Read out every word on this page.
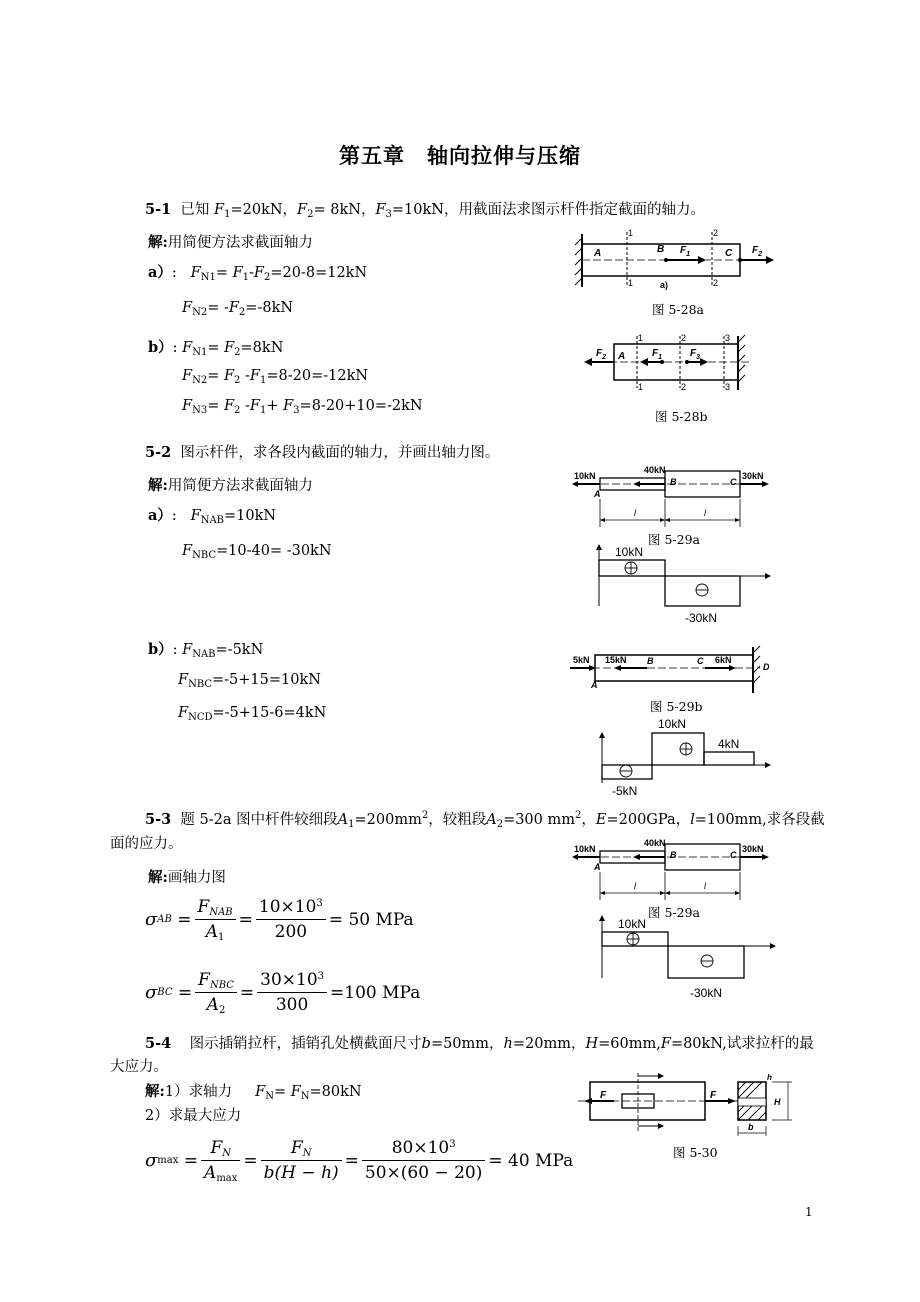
第五章　轴向拉伸与压缩
5-1 已知 $F_1=20kN$，$F_2= 8kN$，$F_3=10kN$，用截面法求图示杆件指定截面的轴力。
解:用简便方法求截面轴力
a）:   $F_{N1}= F_1-F_2=20-8=12kN$
$F_{N2}= -F_2=-8kN$
b）: $F_{N1}= F_2=8kN$
$F_{N2}= F_2$ $-F_1=8-20=-12kN$
$F_{N3}= F_2$ $-F_1+ F_3=8-20+10=-2kN$
1
1
2
2
A	B	C
$F_1$	$F_2$
a)
图 5-28a
1
1
2
2
3
3
$F_2$ A	$F_1$	$F_3$
图 5-28b
5-2 图示杆件，求各段内截面的轴力，并画出轴力图。
解:用简便方法求截面轴力
a）:   $F_{NAB}=10kN$
$F_{NBC}=10-40= -30kN$
b）: $F_{NAB}=-5kN$
$F_{NBC}=-5+15=10kN$
$F_{NCD}=-5+15-6=4kN$
10kN
A
40kN
B	C
30kN
l	l
图 5-29a
10kN
-30kN
5kN
A
15kN B	C 6kN
D
图 5-29b
10kN
4kN
-5kN
5-3 题 5-2a 图中杆件较细段$A_1=200mm^2$，较粗段$A_2=300$ $mm^2$，E=200GPa，l=100mm,求各段截
面的应力。
解:画轴力图
σ AB = $\frac{F_{NAB}}{A_1} = \frac{10\times 10^3}{200} = 50$ MPa
σ BC = $\frac{F_{NBC}}{A_2} = \frac{30\times 10^3}{300} =100$ MPa
10kN
A
40kN
B	C
30kN
l	l
图 5-29a
10kN
-30kN
5-4 图示插销拉杆，插销孔处横截面尺寸b=50mm，h=20mm，H=60mm,F=80kN,试求拉杆的最
大应力。
解:1）求轴力 $F_N= F_N=80kN$
2）求最大应力
σ $\max = \frac{F_N}{A_{max}} = \frac{F_N}{b(H - h)} = \frac{80\times 10^3}{50\times(60 - 20)} = 40$ MPa
F	F
H
h
b
图 5-30
1
